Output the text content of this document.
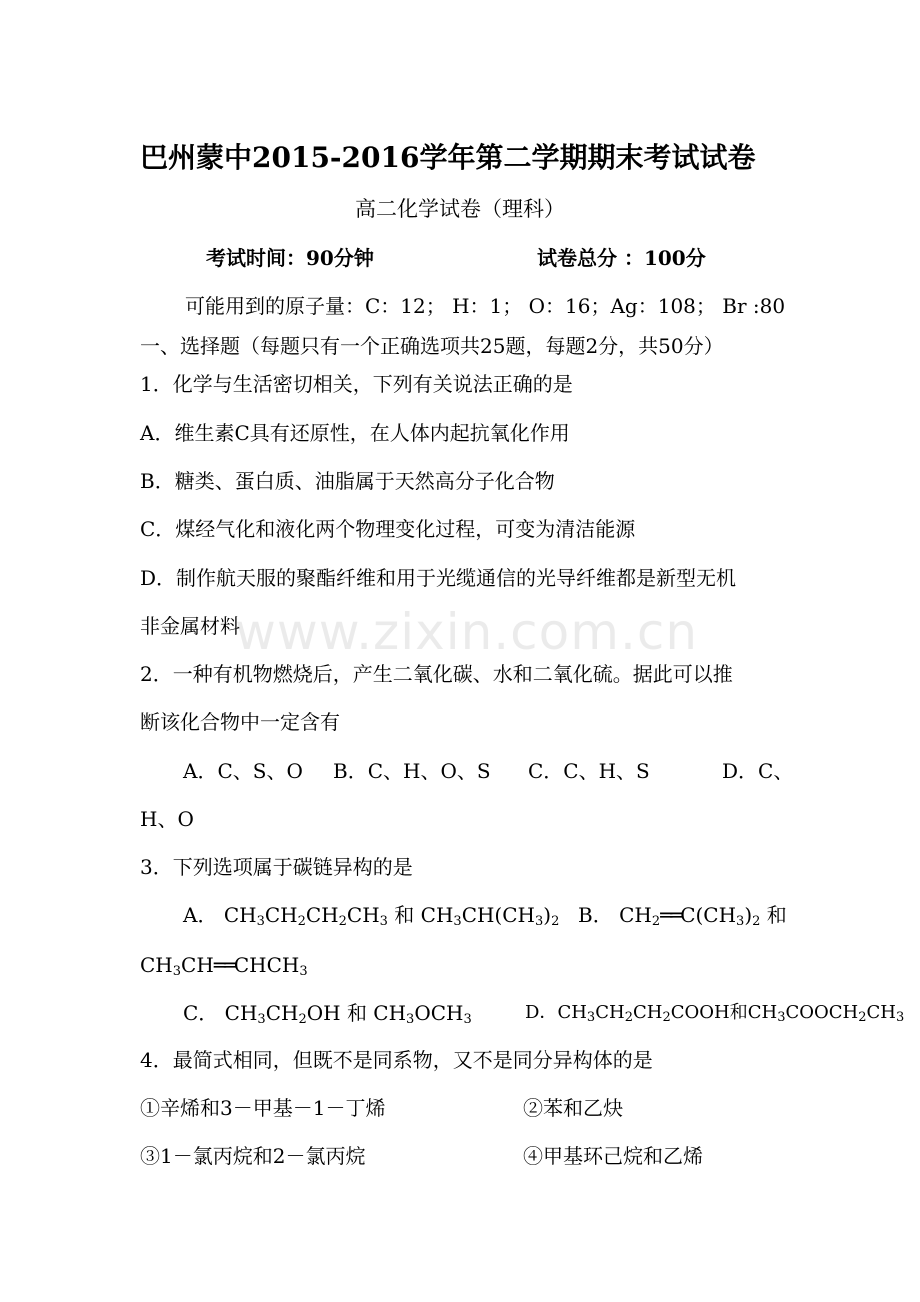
www.zixin.com.cn
巴州蒙中2015-2016学年第二学期期末考试试卷
高二化学试卷（理科）
考试时间：90分钟	试卷总分 ：100分
可能用到的原子量：C：12； H：1； O：16；Ag：108； Br :80
一、选择题（每题只有一个正确选项共25题，每题2分，共50分）
1．化学与生活密切相关，下列有关说法正确的是
A．维生素C具有还原性，在人体内起抗氧化作用
B．糖类、蛋白质、油脂属于天然高分子化合物
C．煤经气化和液化两个物理变化过程，可变为清洁能源
D．制作航天服的聚酯纤维和用于光缆通信的光导纤维都是新型无机
非金属材料
2．一种有机物燃烧后，产生二氧化碳、水和二氧化硫。据此可以推
断该化合物中一定含有
A．C、S、O B．C、H、O、S C．C、H、S	D．C、
H、O
3．下列选项属于碳链异构的是
A． $CH_3CH_2CH_2CH_3$ 和 $CH_3CH(CH_3)_2$ B． $CH_2══C(CH_3)_2$ 和
$CH_3CH══CHCH_3$
C． $CH_3CH_2OH$ 和 $CH_3OCH_3$	D．$CH_3CH_2CH_2COOH$和$CH_3COOCH_2CH_3$
4．最简式相同，但既不是同系物，又不是同分异构体的是
①辛烯和3－甲基－1－丁烯	②苯和乙炔
③1－氯丙烷和2－氯丙烷	④甲基环己烷和乙烯
